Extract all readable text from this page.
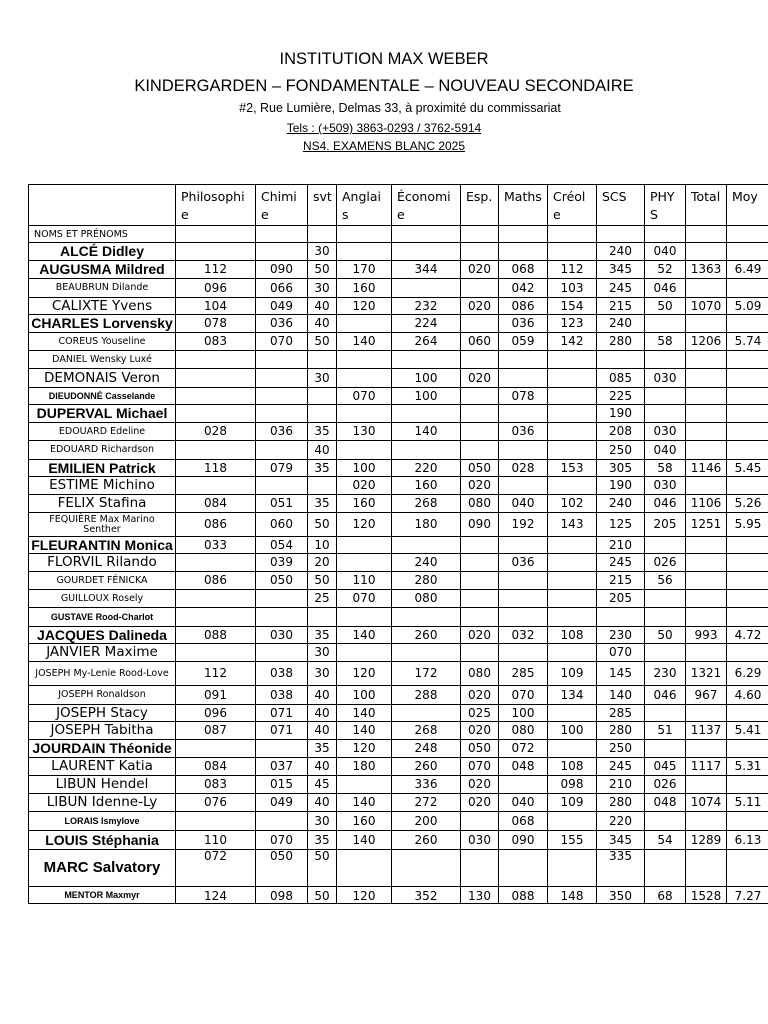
INSTITUTION MAX WEBER
KINDERGARDEN – FONDAMENTALE – NOUVEAU SECONDAIRE
#2, Rue Lumière, Delmas 33, à proximité du commissariat
Tels : (+509) 3863-0293 / 3762-5914
NS4. EXAMENS BLANC 2025
	Philosophie	Chimie	svt	Anglais	Économie	Esp.	Maths	Créole	SCS	PHYS	Total	Moy
NOMS ET PRÉNOMS												
ALCÉ Didley			30						240	040		
AUGUSMA Mildred	112	090	50	170	344	020	068	112	345	52	1363	6.49
BEAUBRUN Dilande	096	066	30	160			042	103	245	046		
CALIXTE Yvens	104	049	40	120	232	020	086	154	215	50	1070	5.09
CHARLES Lorvensky	078	036	40		224		036	123	240			
COREUS Youseline	083	070	50	140	264	060	059	142	280	58	1206	5.74
DANIEL Wensky Luxé												
DEMONAIS Veron			30		100	020			085	030		
DIEUDONNÉ Casselande				070	100		078		225			
DUPERVAL Michael									190			
EDOUARD Edeline	028	036	35	130	140		036		208	030		
EDOUARD Richardson			40						250	040		
EMILIEN Patrick	118	079	35	100	220	050	028	153	305	58	1146	5.45
ESTIME Michino				020	160	020			190	030		
FELIX Stafina	084	051	35	160	268	080	040	102	240	046	1106	5.26
FEQUIÈRE Max Marino Senther	086	060	50	120	180	090	192	143	125	205	1251	5.95
FLEURANTIN Monica	033	054	10						210			
FLORVIL Rilando		039	20		240		036		245	026		
GOURDET FÉNICKA	086	050	50	110	280				215	56		
GUILLOUX Rosely			25	070	080				205			
GUSTAVE Rood-Charlot												
JACQUES Dalineda	088	030	35	140	260	020	032	108	230	50	993	4.72
JANVIER Maxime			30						070			
JOSEPH My-Lenie Rood-Love	112	038	30	120	172	080	285	109	145	230	1321	6.29
JOSEPH Ronaldson	091	038	40	100	288	020	070	134	140	046	967	4.60
JOSEPH Stacy	096	071	40	140		025	100		285			
JOSEPH Tabitha	087	071	40	140	268	020	080	100	280	51	1137	5.41
JOURDAIN Théonide			35	120	248	050	072		250			
LAURENT Katia	084	037	40	180	260	070	048	108	245	045	1117	5.31
LIBUN Hendel	083	015	45		336	020		098	210	026		
LIBUN Idenne-Ly	076	049	40	140	272	020	040	109	280	048	1074	5.11
LORAIS Ismylove			30	160	200		068		220			
LOUIS Stéphania	110	070	35	140	260	030	090	155	345	54	1289	6.13
MARC Salvatory	072	050	50						335			
MENTOR Maxmyr	124	098	50	120	352	130	088	148	350	68	1528	7.27
